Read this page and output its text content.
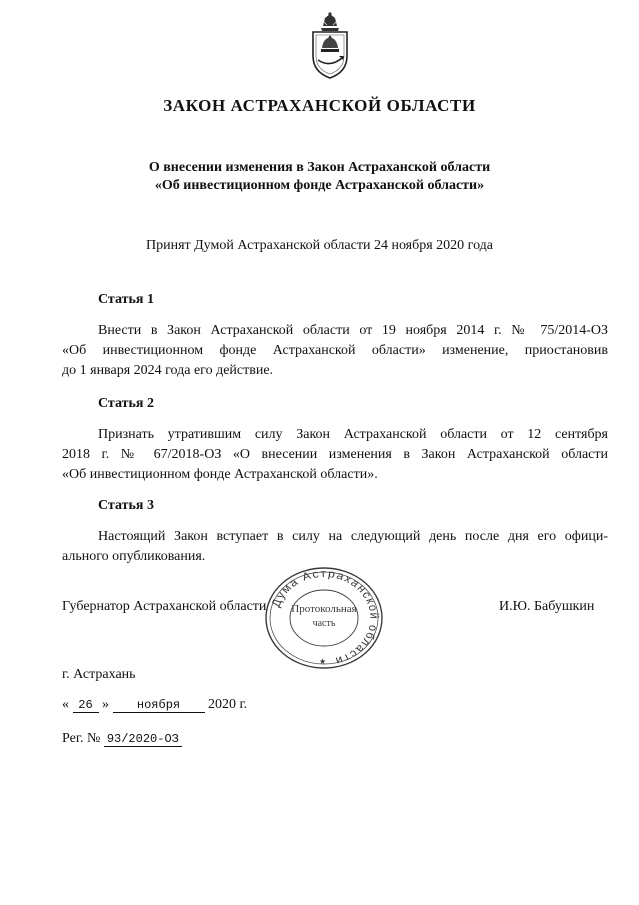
ЗАКОН АСТРАХАНСКОЙ ОБЛАСТИ
О внесении изменения в Закон Астраханской области
«Об инвестиционном фонде Астраханской области»
Принят Думой Астраханской области 24 ноября 2020 года
Статья 1
Внести в Закон Астраханской области от 19 ноября 2014 г. № 75/2014-ОЗ
«Об инвестиционном фонде Астраханской области» изменение, приостановив
до 1 января 2024 года его действие.
Статья 2
Признать утратившим силу Закон Астраханской области от 12 сентября
2018 г. № 67/2018-ОЗ «О внесении изменения в Закон Астраханской области
«Об инвестиционном фонде Астраханской области».
Статья 3
Настоящий Закон вступает в силу на следующий день после дня его офици-
ального опубликования.
Губернатор Астраханской области	И.Ю. Бабушкин
Дума Астраханской области
Протокольная
часть
★
г. Астрахань
« 26 » ноября 2020 г.
Рег. № 93/2020-ОЗ
